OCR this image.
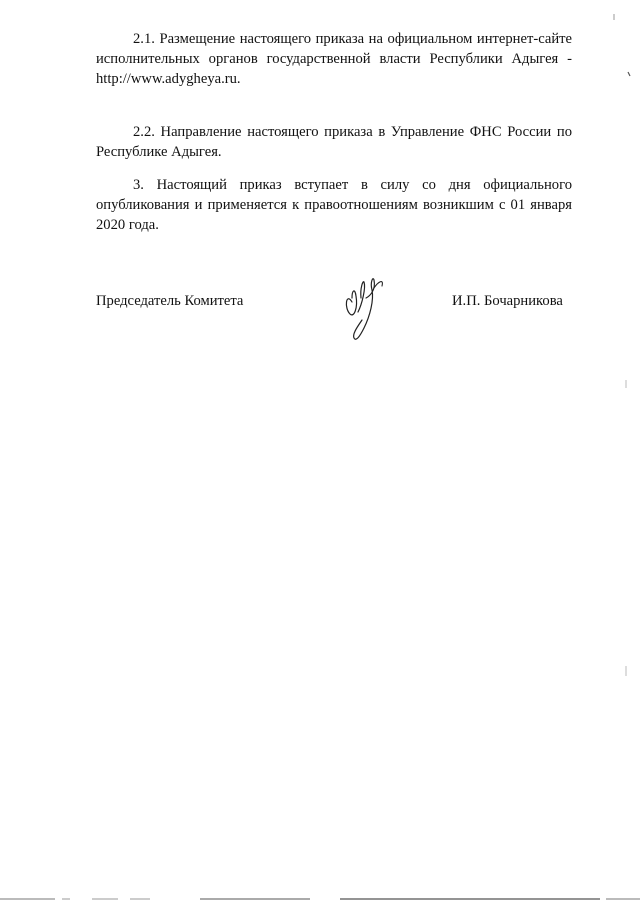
2.1. Размещение настоящего приказа на официальном интернет-сайте исполнительных органов государственной власти Республики Адыгея - http://www.adygheya.ru.

2.2. Направление настоящего приказа в Управление ФНС России по Республике Адыгея.

3. Настоящий приказ вступает в силу со дня официального опубликования и применяется к правоотношениям возникшим с 01 января 2020 года.

Председатель Комитета	И.П. Бочарникова
